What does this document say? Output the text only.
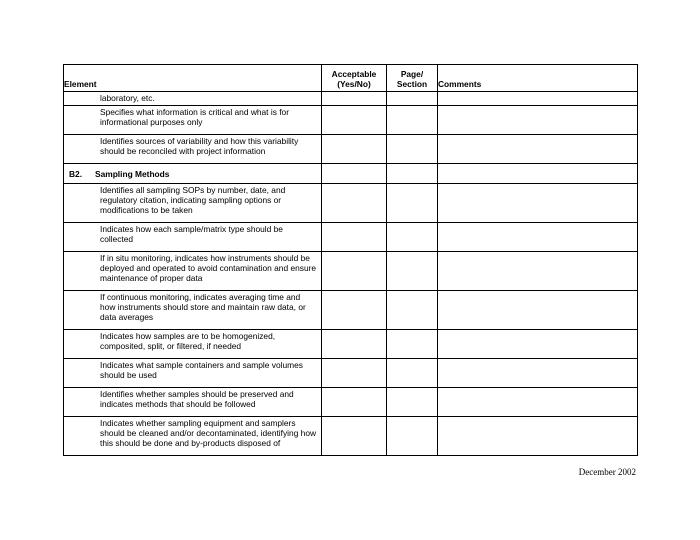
Element	Acceptable (Yes/No)	Page/ Section	Comments

laboratory, etc.			

Specifies what information is critical and what is for informational purposes only			

Identifies sources of variability and how this variability should be reconciled with project information			

B2. Sampling Methods			

Identifies all sampling SOPs by number, date, and regulatory citation, indicating sampling options or modifications to be taken			

Indicates how each sample/matrix type should be collected			

If in situ monitoring, indicates how instruments should be deployed and operated to avoid contamination and ensure maintenance of proper data			

If continuous monitoring, indicates averaging time and how instruments should store and maintain raw data, or data averages			

Indicates how samples are to be homogenized, composited, split, or filtered, if needed			

Indicates what sample containers and sample volumes should be used			

Identifies whether samples should be preserved and indicates methods that should be followed			

Indicates whether sampling equipment and samplers should be cleaned and/or decontaminated, identifying how this should be done and by-products disposed of			

December 2002
